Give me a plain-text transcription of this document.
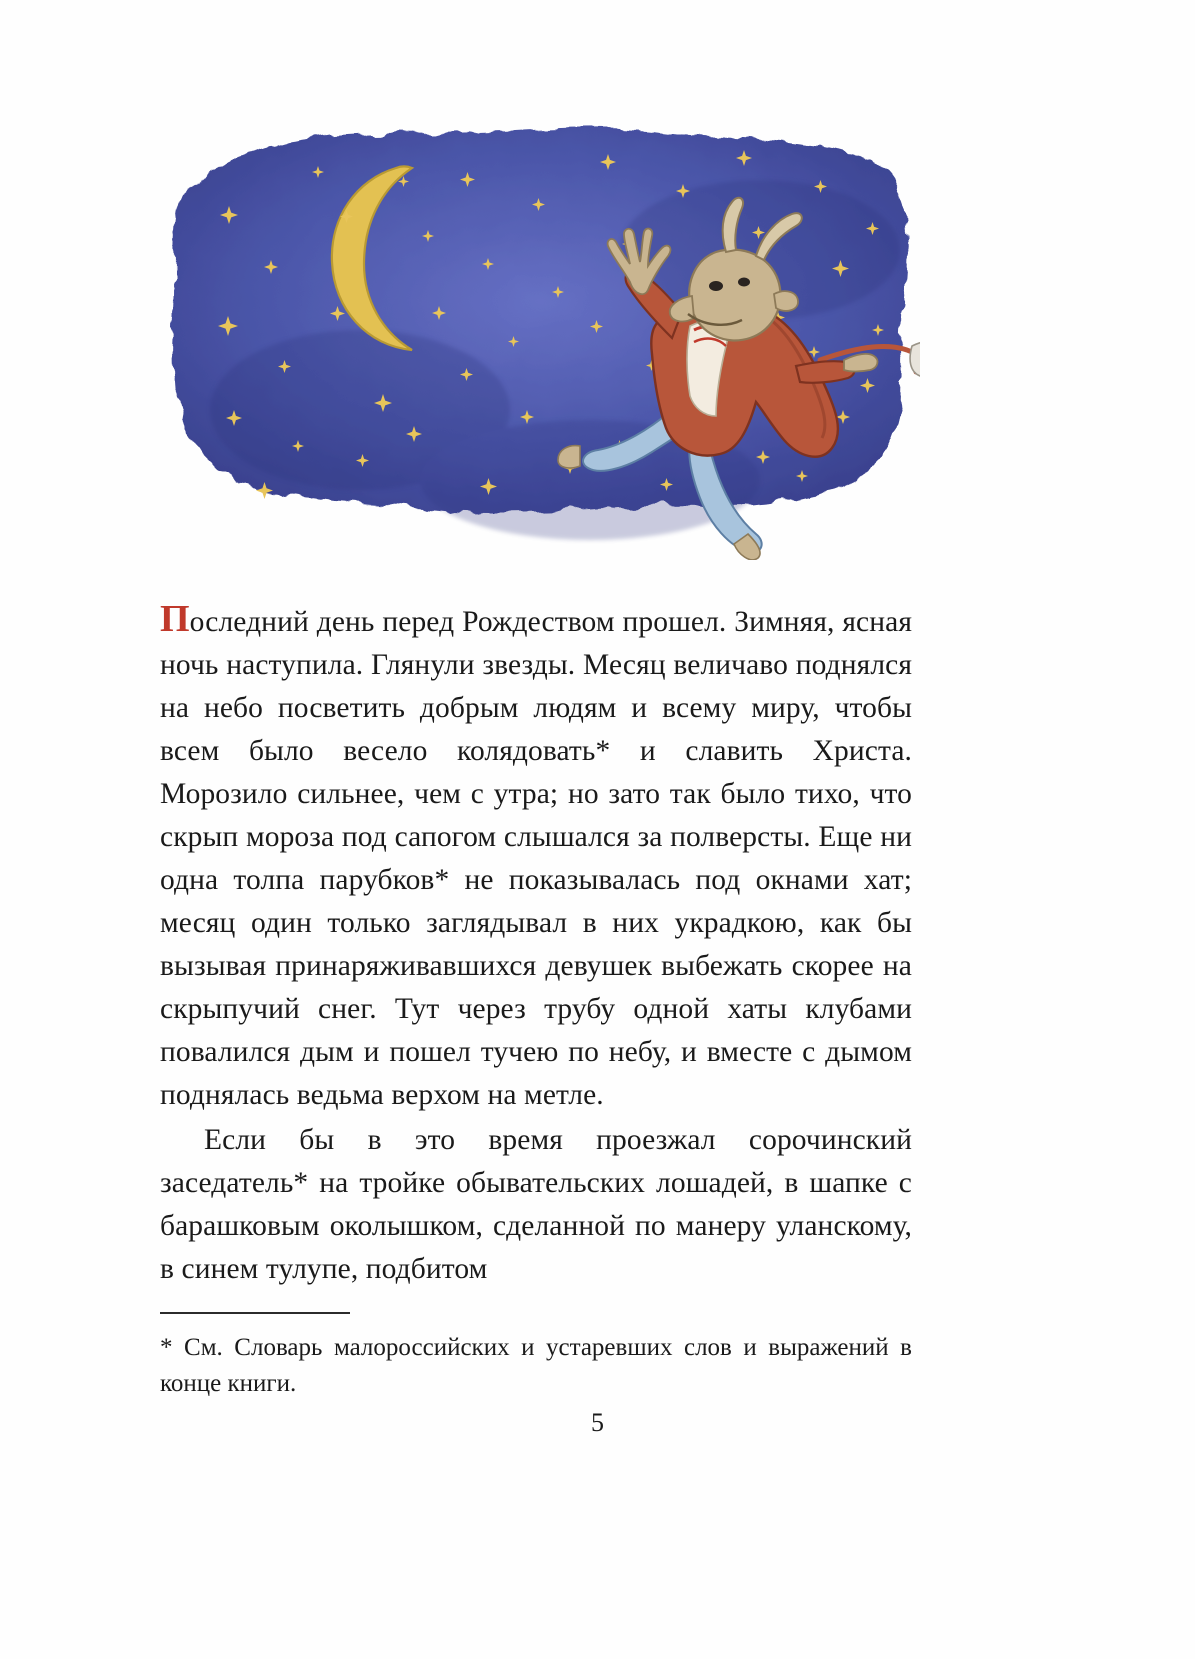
Последний день перед Рождеством прошел. Зимняя, ясная ночь наступила. Глянули звезды. Месяц величаво поднялся на небо посветить добрым людям и всему миру, чтобы всем было весело колядовать* и славить Христа. Морозило сильнее, чем с утра; но зато так было тихо, что скрып мороза под сапогом слышался за полверсты. Еще ни одна толпа парубков* не показывалась под окнами хат; месяц один только заглядывал в них украдкою, как бы вызывая принаряживавшихся девушек выбежать скорее на скрыпучий снег. Тут через трубу одной хаты клубами повалился дым и пошел тучею по небу, и вместе с дымом поднялась ведьма верхом на метле.

Если бы в это время проезжал сорочинский заседатель* на тройке обывательских лошадей, в шапке с барашковым околышком, сделанной по манеру уланскому, в синем тулупе, подбитом

* См. Словарь малороссийских и устаревших слов и выражений в конце книги.

5
